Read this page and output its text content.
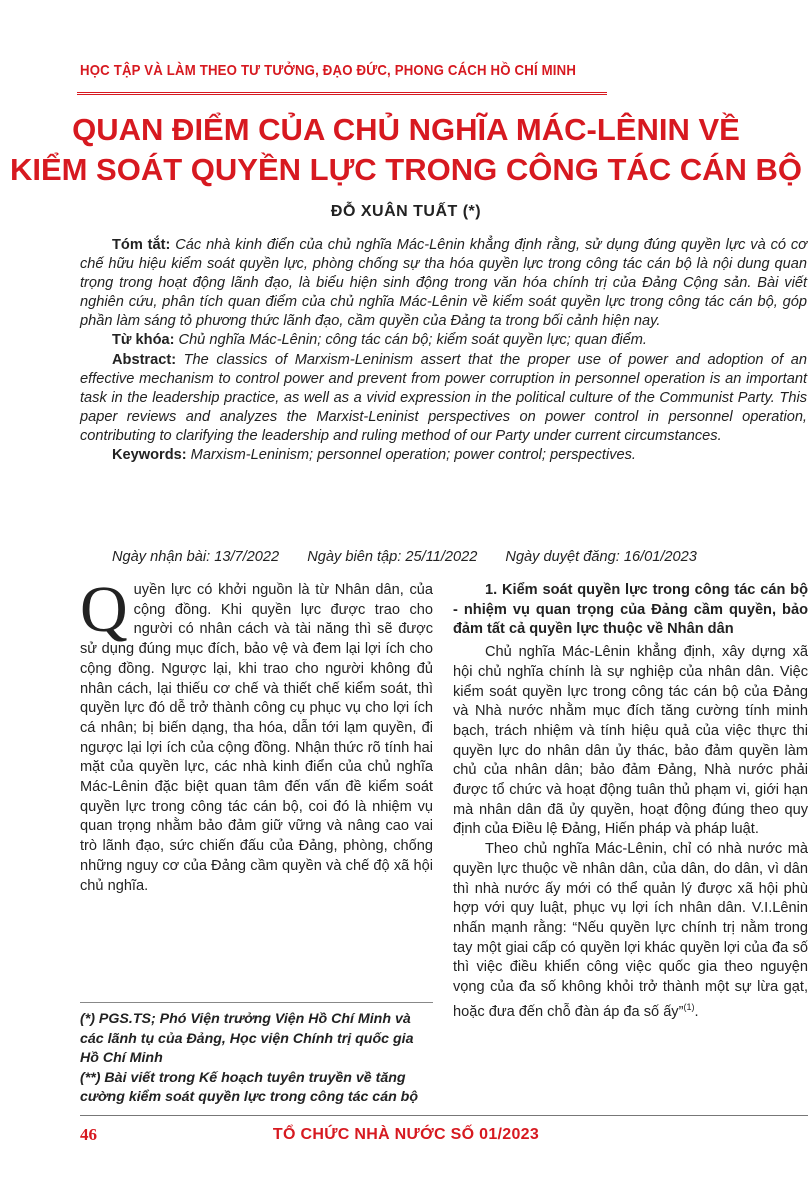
HỌC TẬP VÀ LÀM THEO TƯ TƯỞNG, ĐẠO ĐỨC, PHONG CÁCH HỒ CHÍ MINH
QUAN ĐIỂM CỦA CHỦ NGHĨA MÁC-LÊNIN VỀ
KIỂM SOÁT QUYỀN LỰC TRONG CÔNG TÁC CÁN BỘ
ĐỖ XUÂN TUẤT (*)

Tóm tắt: Các nhà kinh điển của chủ nghĩa Mác-Lênin khẳng định rằng, sử dụng đúng quyền lực và có cơ chế hữu hiệu kiểm soát quyền lực, phòng chống sự tha hóa quyền lực trong công tác cán bộ là nội dung quan trọng trong hoạt động lãnh đạo, là biểu hiện sinh động trong văn hóa chính trị của Đảng Cộng sản. Bài viết nghiên cứu, phân tích quan điểm của chủ nghĩa Mác-Lênin về kiểm soát quyền lực trong công tác cán bộ, góp phần làm sáng tỏ phương thức lãnh đạo, cầm quyền của Đảng ta trong bối cảnh hiện nay.

Từ khóa: Chủ nghĩa Mác-Lênin; công tác cán bộ; kiểm soát quyền lực; quan điểm.

Abstract: The classics of Marxism-Leninism assert that the proper use of power and adoption of an effective mechanism to control power and prevent from power corruption in personnel operation is an important task in the leadership practice, as well as a vivid expression in the political culture of the Communist Party. This paper reviews and analyzes the Marxist-Leninist perspectives on power control in personnel operation, contributing to clarifying the leadership and ruling method of our Party under current circumstances.

Keywords: Marxism-Leninism; personnel operation; power control; perspectives.

Ngày nhận bài: 13/7/2022 Ngày biên tập: 25/11/2022 Ngày duyệt đăng: 16/01/2023

Quyền lực có khởi nguồn là từ Nhân dân, của cộng đồng. Khi quyền lực được trao cho người có nhân cách và tài năng thì sẽ được sử dụng đúng mục đích, bảo vệ và đem lại lợi ích cho cộng đồng. Ngược lại, khi trao cho người không đủ nhân cách, lại thiếu cơ chế và thiết chế kiểm soát, thì quyền lực đó dễ trở thành công cụ phục vụ cho lợi ích cá nhân; bị biến dạng, tha hóa, dẫn tới lạm quyền, đi ngược lại lợi ích của cộng đồng. Nhận thức rõ tính hai mặt của quyền lực, các nhà kinh điển của chủ nghĩa Mác-Lênin đặc biệt quan tâm đến vấn đề kiểm soát quyền lực trong công tác cán bộ, coi đó là nhiệm vụ quan trọng nhằm bảo đảm giữ vững và nâng cao vai trò lãnh đạo, sức chiến đấu của Đảng, phòng, chống những nguy cơ của Đảng cầm quyền và chế độ xã hội chủ nghĩa.

(*) PGS.TS; Phó Viện trưởng Viện Hồ Chí Minh và các lãnh tụ của Đảng, Học viện Chính trị quốc gia Hồ Chí Minh

(**) Bài viết trong Kế hoạch tuyên truyền về tăng cường kiểm soát quyền lực trong công tác cán bộ

1. Kiểm soát quyền lực trong công tác cán bộ - nhiệm vụ quan trọng của Đảng cầm quyền, bảo đảm tất cả quyền lực thuộc về Nhân dân

Chủ nghĩa Mác-Lênin khẳng định, xây dựng xã hội chủ nghĩa chính là sự nghiệp của nhân dân. Việc kiểm soát quyền lực trong công tác cán bộ của Đảng và Nhà nước nhằm mục đích tăng cường tính minh bạch, trách nhiệm và tính hiệu quả của việc thực thi quyền lực do nhân dân ủy thác, bảo đảm quyền làm chủ của nhân dân; bảo đảm Đảng, Nhà nước phải được tổ chức và hoạt động tuân thủ phạm vi, giới hạn mà nhân dân đã ủy quyền, hoạt động đúng theo quy định của Điều lệ Đảng, Hiến pháp và pháp luật.

Theo chủ nghĩa Mác-Lênin, chỉ có nhà nước mà quyền lực thuộc về nhân dân, của dân, do dân, vì dân thì nhà nước ấy mới có thể quản lý được xã hội phù hợp với quy luật, phục vụ lợi ích nhân dân. V.I.Lênin nhấn mạnh rằng: “Nếu quyền lực chính trị nằm trong tay một giai cấp có quyền lợi khác quyền lợi của đa số thì việc điều khiển công việc quốc gia theo nguyện vọng của đa số không khỏi trở thành một sự lừa gạt, hoặc đưa đến chỗ đàn áp đa số ấy”$^{(1)}$.

46	TỔ CHỨC NHÀ NƯỚC SỐ 01/2023
